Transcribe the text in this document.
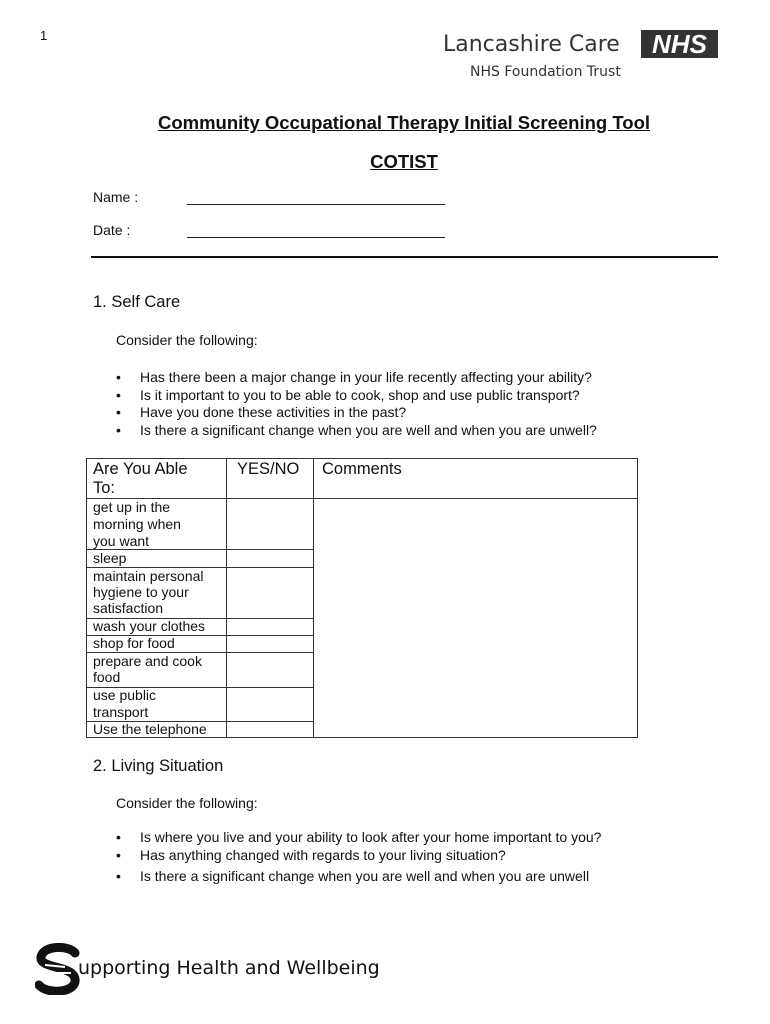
1	Lancashire Care	NHS
NHS Foundation Trust
Community Occupational Therapy Initial Screening Tool
COTIST
Name :
Date :
1. Self Care
Consider the following:
• Has there been a major change in your life recently affecting your ability?
• Is it important to you to be able to cook, shop and use public transport?
• Have you done these activities in the past?
• Is there a significant change when you are well and when you are unwell?
Are You Able
To:
YES/NO Comments
get up in the
morning when
you want
sleep
maintain personal
hygiene to your
satisfaction
wash your clothes
shop for food
prepare and cook
food
use public
transport
Use the telephone
2. Living Situation
Consider the following:
• Is where you live and your ability to look after your home important to you?
• Has anything changed with regards to your living situation?
• Is there a significant change when you are well and when you are unwell
upporting Health and Wellbeing
